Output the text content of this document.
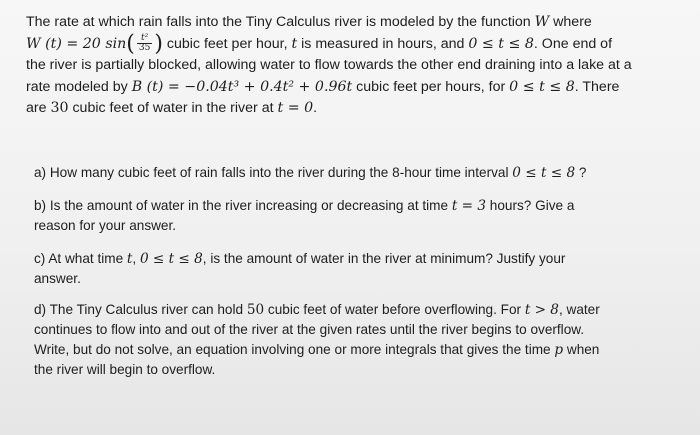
The rate at which rain falls into the Tiny Calculus river is modeled by the function W where
W (t) = 20 $\sin( \frac{\text{t²}}{35}$ ) cubic feet per hour, t is measured in hours, and 0 ≤ t ≤ 8. One end of
the river is partially blocked, allowing water to flow towards the other end draining into a lake at a
rate modeled by B (t) = −0.04t³ + 0.4t² + 0.96t cubic feet per hours, for 0 ≤ t ≤ 8. There
are 30 cubic feet of water in the river at t = 0.
a) How many cubic feet of rain falls into the river during the 8-hour time interval 0 ≤ t ≤ 8 ?
b) Is the amount of water in the river increasing or decreasing at time t = 3 hours? Give a
reason for your answer.
c) At what time t, 0 ≤ t ≤ 8, is the amount of water in the river at minimum? Justify your
answer.
d) The Tiny Calculus river can hold 50 cubic feet of water before overflowing. For t > 8, water
continues to flow into and out of the river at the given rates until the river begins to overflow.
Write, but do not solve, an equation involving one or more integrals that gives the time p when
the river will begin to overflow.
